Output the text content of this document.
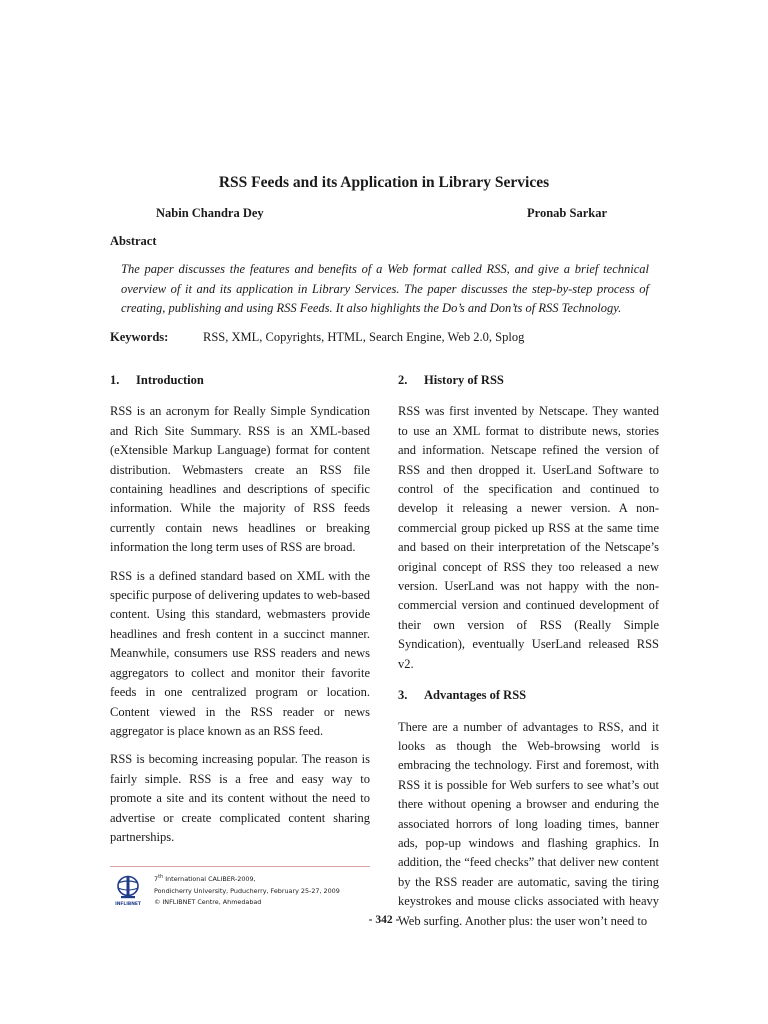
RSS Feeds and its Application in Library Services
Nabin Chandra Dey	Pronab Sarkar
Abstract

The paper discusses the features and benefits of a Web format called RSS, and give a brief technical overview of it and its application in Library Services. The paper discusses the step-by-step process of creating, publishing and using RSS Feeds. It also highlights the Do’s and Don’ts of RSS Technology.

Keywords:	RSS, XML, Copyrights, HTML, Search Engine, Web 2.0, Splog
1. Introduction

RSS is an acronym for Really Simple Syndication and Rich Site Summary. RSS is an XML-based (eXtensible Markup Language) format for content distribution. Webmasters create an RSS file containing headlines and descriptions of specific information. While the majority of RSS feeds currently contain news headlines or breaking information the long term uses of RSS are broad.

RSS is a defined standard based on XML with the specific purpose of delivering updates to web-based content. Using this standard, webmasters provide headlines and fresh content in a succinct manner. Meanwhile, consumers use RSS readers and news aggregators to collect and monitor their favorite feeds in one centralized program or location. Content viewed in the RSS reader or news aggregator is place known as an RSS feed.

RSS is becoming increasing popular. The reason is fairly simple. RSS is a free and easy way to promote a site and its content without the need to advertise or create complicated content sharing partnerships.

2. History of RSS

RSS was first invented by Netscape. They wanted to use an XML format to distribute news, stories and information. Netscape refined the version of RSS and then dropped it. UserLand Software to control of the specification and continued to develop it releasing a newer version. A non-commercial group picked up RSS at the same time and based on their interpretation of the Netscape’s original concept of RSS they too released a new version. UserLand was not happy with the non-commercial version and continued development of their own version of RSS (Really Simple Syndication), eventually UserLand released RSS v2.

3. Advantages of RSS

There are a number of advantages to RSS, and it looks as though the Web-browsing world is embracing the technology. First and foremost, with RSS it is possible for Web surfers to see what’s out there without opening a browser and enduring the associated horrors of long loading times, banner ads, pop-up windows and flashing graphics. In addition, the “feed checks” that deliver new content by the RSS reader are automatic, saving the tiring keystrokes and mouse clicks associated with heavy Web surfing. Another plus: the user won’t need to

INFLIBNET
7th International CALIBER-2009,
Pondicherry University, Puducherry, February 25-27, 2009
© INFLIBNET Centre, Ahmedabad
- 342 -
